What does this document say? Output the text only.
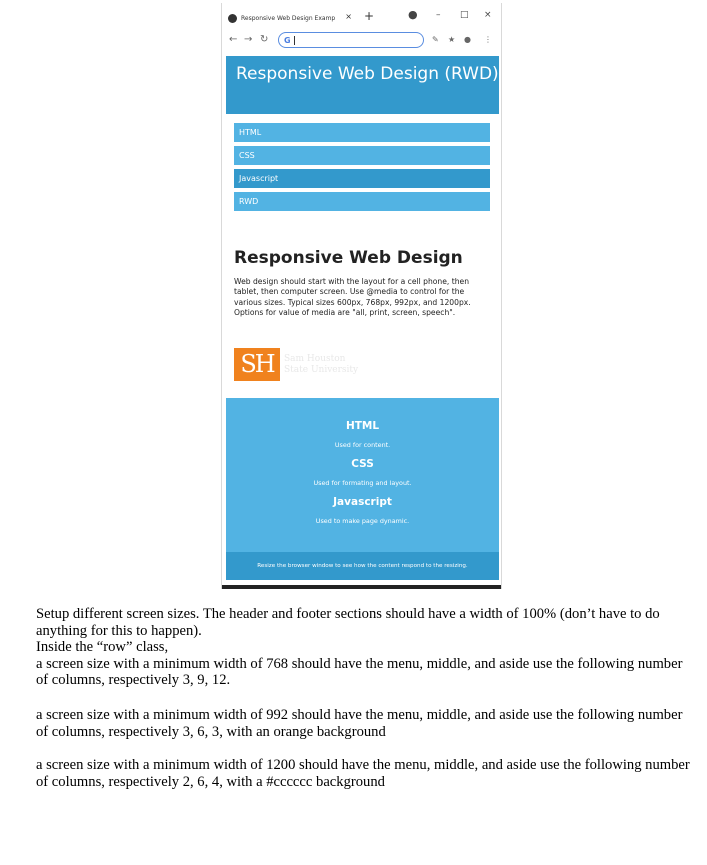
Responsive Web Design Examp × +	● – □ ×
← → ↻ G	✎ ★ ● ⋮
Responsive Web Design (RWD)
HTML
CSS
Javascript
RWD
Responsive Web Design

Web design should start with the layout for a cell phone, then tablet, then computer screen. Use @media to control for the various sizes. Typical sizes 600px, 768px, 992px, and 1200px. Options for value of media are "all, print, screen, speech".

SH	Sam Houston
State University
HTML

Used for content.

CSS

Used for formating and layout.

Javascript

Used to make page dynamic.

Resize the browser window to see how the content respond to the resizing.

Setup different screen sizes. The header and footer sections should have a width of 100% (don’t have to do anything for this to happen).

Inside the “row” class,

a screen size with a minimum width of 768 should have the menu, middle, and aside use the following number of columns, respectively 3, 9, 12.

a screen size with a minimum width of 992 should have the menu, middle, and aside use the following number of columns, respectively 3, 6, 3, with an orange background

a screen size with a minimum width of 1200 should have the menu, middle, and aside use the following number of columns, respectively 2, 6, 4, with a #cccccc background
